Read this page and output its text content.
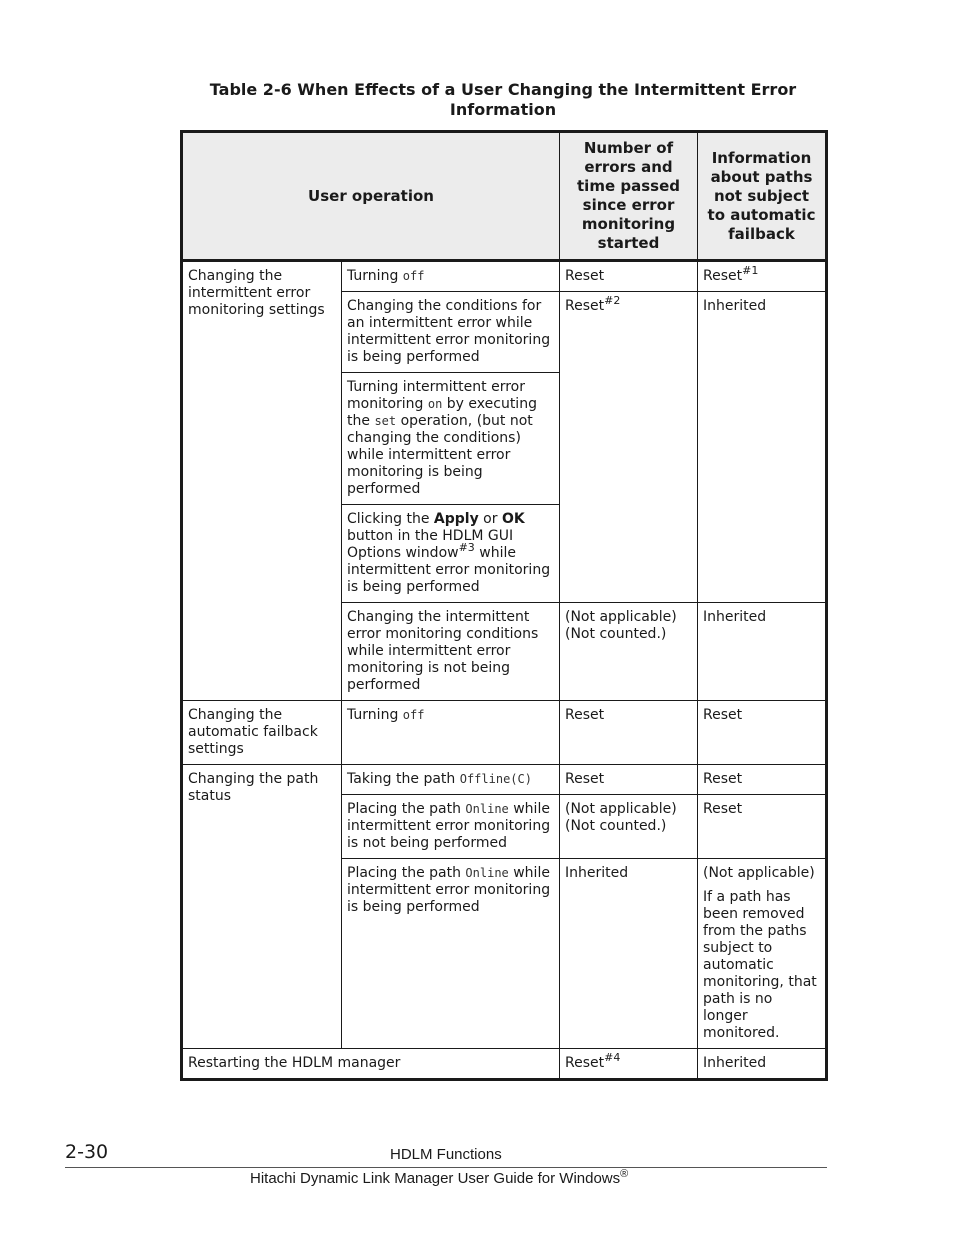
Table 2-6 When Effects of a User Changing the Intermittent Error
Information
User operation		Number of errors and time passed since error monitoring started	Information about paths not subject to automatic failback
Changing the intermittent error monitoring settings	Turning off	Reset	Reset$^{\#1}$
	Changing the conditions for an intermittent error while intermittent error monitoring is being performed	Reset$^{\#2}$	Inherited
	Turning intermittent error monitoring on by executing the set operation, (but not changing the conditions) while intermittent error monitoring is being performed		
	Clicking the Apply or OK button in the HDLM GUI Options window$^{\#3}$ while intermittent error monitoring is being performed		
	Changing the intermittent error monitoring conditions while intermittent error monitoring is not being performed	(Not applicable) (Not counted.)	Inherited
Changing the automatic failback settings	Turning off	Reset	Reset
Changing the path status	Taking the path Offline(C)	Reset	Reset
	Placing the path Online while intermittent error monitoring is not being performed	(Not applicable) (Not counted.)	Reset
	Placing the path Online while intermittent error monitoring is being performed	Inherited	(Not applicable)
If a path has been removed from the paths subject to automatic monitoring, that path is no longer monitored.

Restarting the HDLM manager		Reset$^{\#4}$	Inherited
2-30	HDLM Functions
Hitachi Dynamic Link Manager User Guide for Windows®
